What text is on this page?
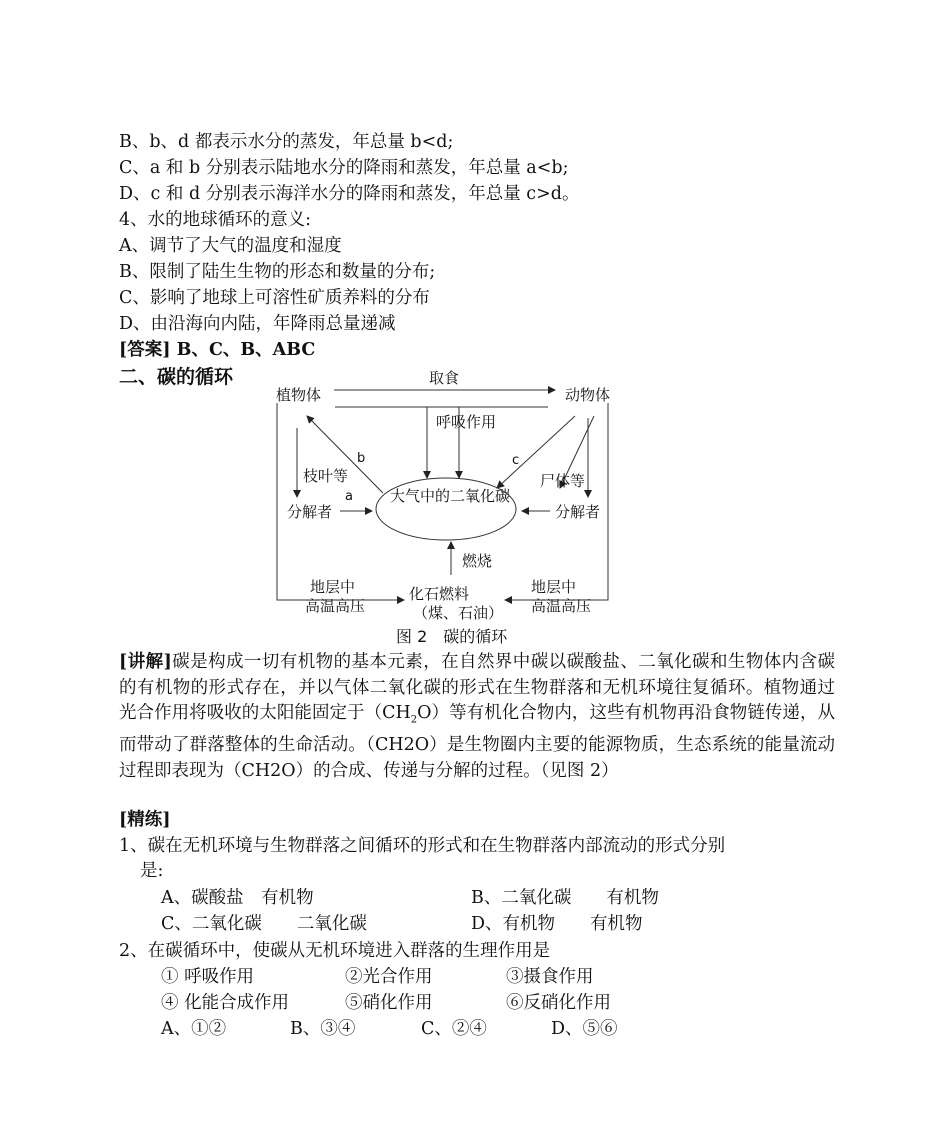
B、b、d 都表示水分的蒸发，年总量 b<d;
C、a 和 b 分别表示陆地水分的降雨和蒸发，年总量 a<b;
D、c 和 d 分别表示海洋水分的降雨和蒸发，年总量 c>d。
4、水的地球循环的意义:
A、调节了大气的温度和湿度
B、限制了陆生生物的形态和数量的分布;
C、影响了地球上可溶性矿质养料的分布
D、由沿海向内陆，年降雨总量递减
[答案] B、C、B、ABC
二、碳的循环
植物体	动物体
取食
呼吸作用
b	c
a
枝叶等	尸体等
分解者	分解者
大气中的二氧化碳
燃烧
地层中
高温高压
地层中
高温高压
化石燃料
（煤、石油）
图 2　碳的循环
[讲解]碳是构成一切有机物的基本元素，在自然界中碳以碳酸盐、二氧化碳和生物体内含碳的有机物的形式存在，并以气体二氧化碳的形式在生物群落和无机环境往复循环。植物通过光合作用将吸收的太阳能固定于$(CH_2O)$等有机化合物内，这些有机物再沿食物链传递，从而带动了群落整体的生命活动。（CH2O）是生物圈内主要的能源物质，生态系统的能量流动过程即表现为（CH2O）的合成、传递与分解的过程。（见图 2）
[精练]
1、碳在无机环境与生物群落之间循环的形式和在生物群落内部流动的形式分别
是:
A、碳酸盐　有机物	B、二氧化碳　　有机物
C、二氧化碳　　二氧化碳	D、有机物　　有机物
2、在碳循环中，使碳从无机环境进入群落的生理作用是
① 呼吸作用	②光合作用	③摄食作用
④ 化能合成作用	⑤硝化作用	⑥反硝化作用
A、①②	B、③④	C、②④	D、⑤⑥
